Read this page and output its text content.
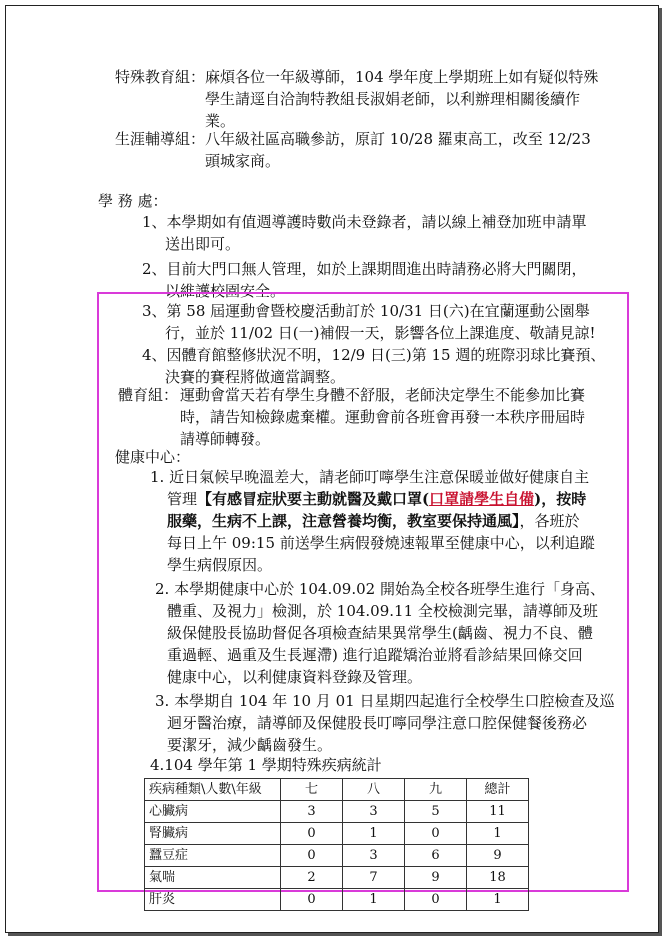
特殊教育組： 麻煩各位一年級導師，104 學年度上學期班上如有疑似特殊
學生請逕自洽詢特教組長淑娟老師，以利辦理相關後續作
業。
生涯輔導組： 八年級社區高職參訪，原訂 10/28 羅東高工，改至 12/23
頭城家商。
學 務 處：
1、本學期如有值週導護時數尚未登錄者，請以線上補登加班申請單
送出即可。
2、目前大門口無人管理，如於上課期間進出時請務必將大門關閉，
以維護校園安全。
3、第 58 屆運動會暨校慶活動訂於 10/31 日(六)在宜蘭運動公園舉
行，並於 11/02 日(一)補假一天，影響各位上課進度、敬請見諒!
4、因體育館整修狀況不明，12/9 日(三)第 15 週的班際羽球比賽預、
決賽的賽程將做適當調整。
體育組： 運動會當天若有學生身體不舒服，老師決定學生不能參加比賽
時，請告知檢錄處棄權。運動會前各班會再發一本秩序冊屆時
請導師轉發。
健康中心：
1. 近日氣候早晚溫差大，請老師叮嚀學生注意保暖並做好健康自主
管理【有感冒症狀要主動就醫及戴口罩(口罩請學生自備)，按時
服藥，生病不上課，注意營養均衡，教室要保持通風】，各班於
每日上午 09:15 前送學生病假發燒速報單至健康中心，以利追蹤
學生病假原因。
2. 本學期健康中心於 104.09.02 開始為全校各班學生進行「身高、
體重、及視力」檢測，於 104.09.11 全校檢測完畢，請導師及班
級保健股長協助督促各項檢查結果異常學生(齲齒、視力不良、體
重過輕、過重及生長遲滯) 進行追蹤矯治並將看診結果回條交回
健康中心，以利健康資料登錄及管理。
3. 本學期自 104 年 10 月 01 日星期四起進行全校學生口腔檢查及巡
迴牙醫治療，請導師及保健股長叮嚀同學注意口腔保健餐後務必
要潔牙，減少齲齒發生。
4.104 學年第 1 學期特殊疾病統計
疾病種類\人數\年級	七	八	九	總計
心臟病	3	3	5	11
腎臟病	0	1	0	1
蠶豆症	0	3	6	9
氣喘	2	7	9	18
肝炎	0	1	0	1
